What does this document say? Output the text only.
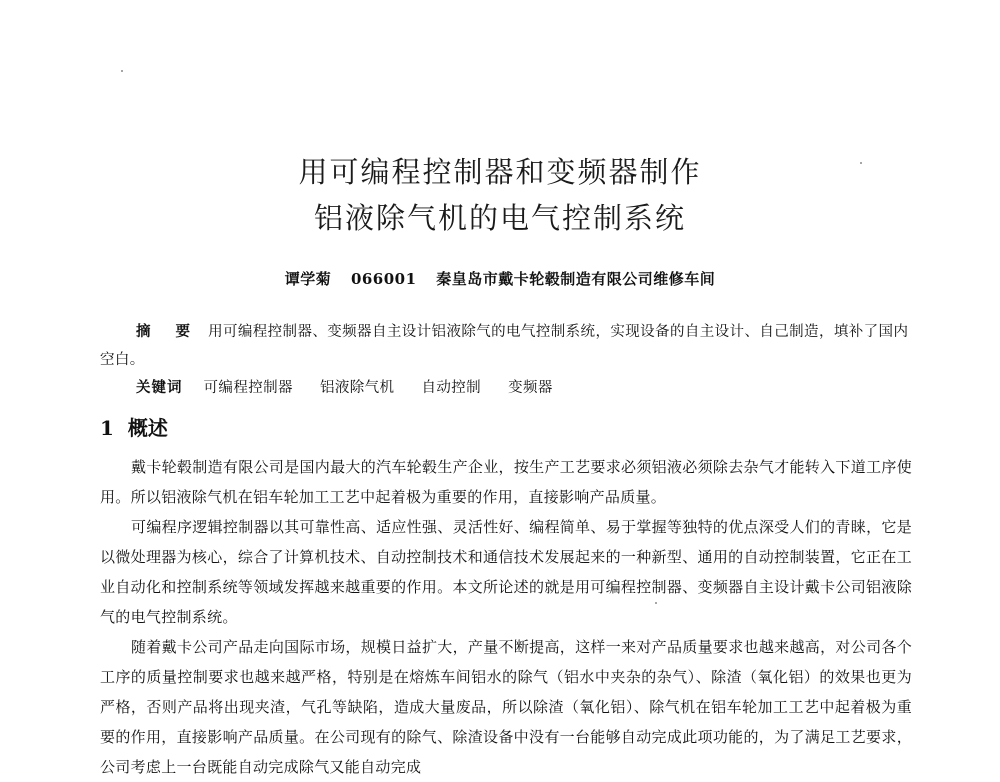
用可编程控制器和变频器制作
铝液除气机的电气控制系统
谭学菊 066001 秦皇岛市戴卡轮毂制造有限公司维修车间
摘 要 用可编程控制器、变频器自主设计铝液除气的电气控制系统，实现设备的自主设计、自己制造，填补了国内空白。
关键词 可编程控制器 铝液除气机 自动控制 变频器
1 概述

戴卡轮毂制造有限公司是国内最大的汽车轮毂生产企业，按生产工艺要求必须铝液必须除去杂气才能转入下道工序使用。所以铝液除气机在铝车轮加工工艺中起着极为重要的作用，直接影响产品质量。

可编程序逻辑控制器以其可靠性高、适应性强、灵活性好、编程简单、易于掌握等独特的优点深受人们的青睐，它是以微处理器为核心，综合了计算机技术、自动控制技术和通信技术发展起来的一种新型、通用的自动控制装置，它正在工业自动化和控制系统等领域发挥越来越重要的作用。本文所论述的就是用可编程控制器、变频器自主设计戴卡公司铝液除气的电气控制系统。

随着戴卡公司产品走向国际市场，规模日益扩大，产量不断提高，这样一来对产品质量要求也越来越高，对公司各个工序的质量控制要求也越来越严格，特别是在熔炼车间铝水的除气（铝水中夹杂的杂气）、除渣（氧化铝）的效果也更为严格，否则产品将出现夹渣，气孔等缺陷，造成大量废品，所以除渣（氧化铝）、除气机在铝车轮加工工艺中起着极为重要的作用，直接影响产品质量。在公司现有的除气、除渣设备中没有一台能够自动完成此项功能的，为了满足工艺要求，公司考虑上一台既能自动完成除气又能自动完成
